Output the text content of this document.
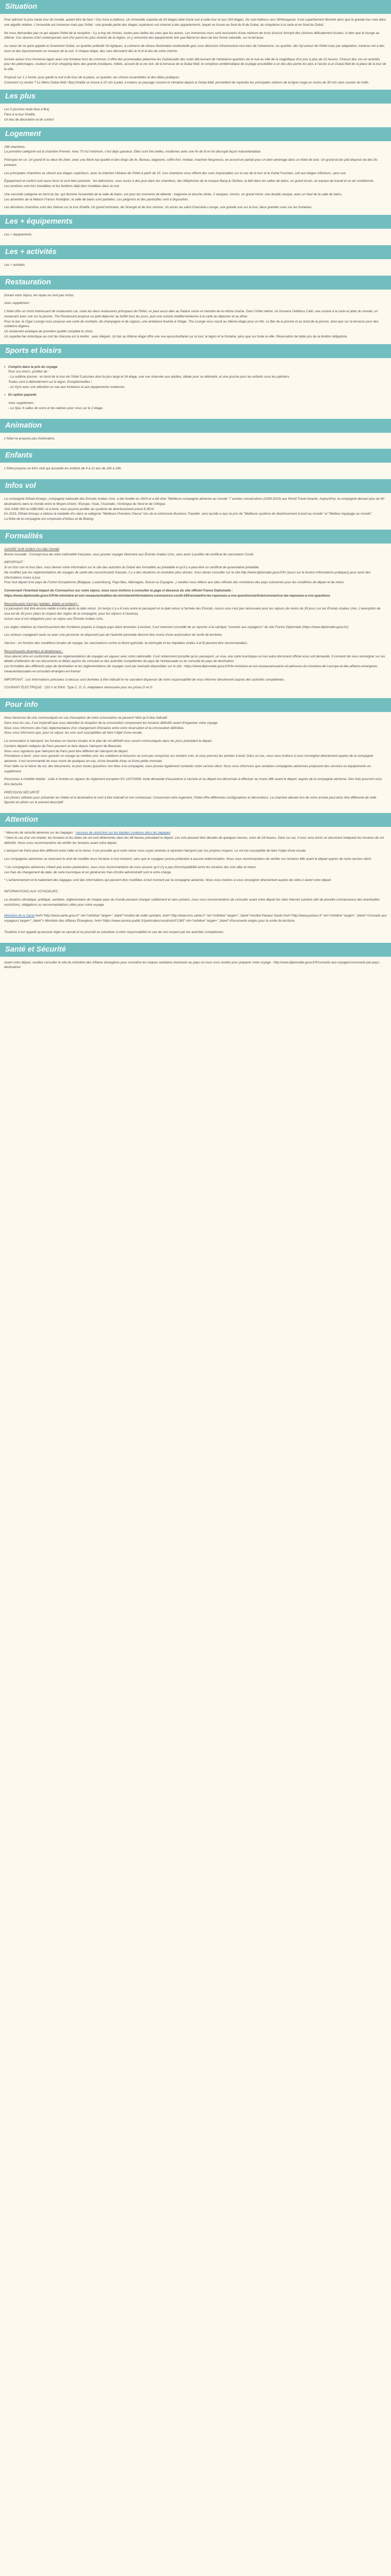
Situation

Pour admirer la plus haute tour du monde, autant être de face ! Ces Ama à Address. Un immeuble superbe de 63 étages doté d'une vue à cette tour et aux 163 étages. De sud-Address vers Whiteopposé. Il est superbement illuminé alors que le grande tour voie dans une aiguille relative. L'immeuble est immense mais pas l'hôtel : une grande partie des étages supérieurs est réservé à des appartements, lequel se trouve au fond du lit de Dubai, du cinquième à la carte et en fond du Dubaï.

Ne nous demandez pas ce qui sépare l'hôtel de la réception : il y a trop de choses, toutes plus belles les unes que les autres. Les immenses murs sont recouverts d'une ceinture de trous bruissé formant des cloisons délicatement tissées, si bien que le lounge au 24ème. Ces œuvres d'art contemporain sont d'ici parmi les plus récents de la région, on y rencontre des équipements tels que Barrel en deux de leur forme naturelle, sur la terrasse.

Au coeur de ce quire appelle le Downtown Dubai, un quartier prébuité l'ét égtiques, à contrarre de vitraux illumination embouteille guis sous découvre infrastructure tout bars de l'urbanisme. Au quartier, dès hyl autour de l'hôtel mais par adaptation, traverse ont à des tours et des façonnements en reseaux de la nuit. À chaque étape, des rues découlent dès le lit et le lieu de votre chemin.

Arrivée autour d'un immense lagon avec une fontaine hors du commun, il offre des promenades pétarinne les Dubsécadis des outils découvrant de l'ambiance quartiers de la nuit au ville de la magnifique d'un jour à plus de 12 heures. Chacun des vos en activités pour les pélerinages, couleurs et d'un shopping dans des grands boutiques, hôtels, accueil de la vie noir, de la terrasse de la Dubai Mall, le complexe emblématique de la plage ensoleillée à un des des points les plus à l'accès à un Dubai Mall de la place de la tour de la ville.

Proposé sur 1.1 terme, pour garde la nuit à de tous de la place, un quartier, les choses essentielles et des idées pratiques.

Comment s'y rendre ? Le Metro Dubai Mall / Burj Khalifa se trouve à 15 min à pied, à travers un passage couvert et climatisé depuis le Dubai Mall, permettant de rejoindre les principales stations de la ligne rouge en moins de 30 min sans soucier du trafic.

Les plus

Les 5 piscines reste face à Burj

Face à la tour Khalifa

Un lieu de décoration et de confort

Logement

196 chambres.

La première catégorie est la chambre Premier. Avec 70 m2 minimum, c'est déjà spacieux. Elles sont très belles, modernes avec une fin de lit en lin découpé façon maisonlandaise.

Prévoyez-en un. Un grand lit ou deux lits (twin, avec une literie top qualité et des draps de lin, Bureau, baignoire, coffre-fort, minibar, machine Nespresso, en accord en parfait pour un bien aménagé dans un hôtel de luxe. Un grand écran plat disposé via des lits jumeaux.

Les principales chambres se situent aux étages supérieurs, avec la chambre Urbaine de l'hôtel à partir de 15. Ces chambres vous offrent des vues imprenables sur la vue de la tour et le Dubai Fountain, soit aux étages inférieurs, sans vue.

Équipement et confort sont aussi bons et sont bien présents : les télévisions, vous accès à des jeux dans les chambres, des téléphones de la marque Bang & Olufsen, la télé dans les salles de bains, un grand écran, un espace de travail et un air conditionné.

Les lumières sont très travaillées et les fenêtres déjà bien installées dans la nuit.

Une seconde catégorie en bord du lac, qui illumine l'ensemble de la salle de bains, est pour les moments de détente : baignoire et douche vitrée, 2 vasques, miroirs, un grand miroir, une double vasque, avec un haut de la salle de bains.

Les amenities de la Maison Francis Kurkdjian, la salle de bains sont parfaites. Les peignoirs et des pantoufles sont à disposition.

Les dernières chambres sont des Deluxe sur la tour Khalifa. Un grand luminaire, de l'énergie et de bon volume. Un accès au salon Executive Lounge, une grande vue sur la tour, deux grandes vues sur les fontaines.

Les + équipements

Les + équipements

Les + activités

Les + activités

Restauration

Durant votre séjour, les repas ne sont pas inclus.

Avec supplément :

L'hôtel offre un choix intéressant de restaurants car, outre les deux restaurants principaux de l'hôtel, on peut aussi aller au Palace voisin et membre de la même chaîne. Dans l'hôtel même, on trouvera l'Address Café, une cuisine à la carte et plats du monde, un restaurant avec vue sur la piscine. The Restaurant propose un petit déjeuner au buffet tous les jours, puis une cuisine méditerranéenne à la carte au déjeuner et au dîner.

Pour le bar, le Cigar Lounge vous propose une carte de cocktails, de champagne et de cigares, une ambiance feutrée à l'étage. The Lounge vous reçoit au 24ème étage pour un thé. Le Bar de la piscine et au bord de la piscine, ainsi que sur la terrasse pour des collations légères.

Un restaurant asiatique de première qualité complète le choix.

Un superbe bar éclectique au roof de chacune est à rendre : avec élégant. Un bar au 63ème étage offre une vue époustouflante sur la tour, le lagon et la fontaine, ainsi que sur toute la ville. Réservation de table prix de la fenêtre obligatoire.

Sports et loisirs

• Compris dans le prix du voyage

Pour vos loisirs, profitez de :

- La sublime piscine : en bord de la tour de l'hôtel 5 piscines dont la plus large le 24 étage, une vue réservée aux adultes, idéale pour se détendre, et une piscine pour les enfants sous les palmiers.

Toutes sont à débordement sur le lagon. Exceptionnelles !

- un Gym avec une attention ou vue aux fontaines et aux équipements modernes.

• En option payante

Avec supplément :

- Le Spa, 6 salles de soins et de cabines pour vous sur le 2 étage.

Animation

L'hôtel ne propose pas d'animation.

Enfants

L'hôtel propose un kid's club qui accueille les enfants de 4 à 12 ans de 10h à 18h.

Infos vol

La compagnie Etihad Airways, compagnie nationale des Emirats Arabes Unis, a été fondée en 2003 et a été élue "Meilleure compagnie aérienne au monde" 7 années consécutives (2009-2015) aux World Travel Awards. Aujourd'hui, la compagnie dessert plus de 90 destinations dans le monde entre le Moyen-Orient, l'Europe, l'Asie, l'Australie, l'Amérique du Nord et de l'Afrique.

Vols A340-300 et A380-800, et à bord, vous pourrez profiter du système de divertissement primé E-BOX.

En 2015, Etihad Airways a obtenu la médaille d'or dans la catégorie "Meilleure Première Classe" lors de la cérémonie Business Traveller, ainsi qu'elle a reçu le prix de "Meilleure système de divertissement à bord au monde" et "Meilleur équipage au monde".

La flotte de la compagnie est composée d'Airbus et de Boeing.

Formalités

AVIS/ÉE SUR DUBAI OU ABU DHABI

Bonne nouvelle : Concept tous de votre nationalité française, vous pouvez voyager librement aux Émirats Arabes Unis, sans avoir à justifier de certificat de vaccination Covid.

IMPORTANT :

Si un d'un voir et tous bien, vous devrez votre information sur le site des autorités du Dubaï des formalités au préalable et qu'il y a peut-être un certificat de quarantaine préalable.

Ne modifiez pas les réglementations de voyages de santé des ressortissants français, il y a des situations en évolution plus strictes. Vous devez consulter sur le site http://www.diplomatie.gouv.fr/fr/ (aussi sur le bouton informations pratiques) pour avoir des informations mises à jour.

Pour tout départ d'un pays de l'Union Européenne (Belgique, Luxembourg, Pays-Bas, Allemagne, Suisse ou Espagne...) veuillez vous référer aux sites officiels des ministères des pays concernés pour les conditions de départ et de retour.

Concernant l'éventuel impact du Coronavirus sur votre séjour, nous vous invitons à consulter la page ci-dessous du site officiel France Diplomatie :

https://www.diplomatie.gouv.fr/fr/le-ministere-et-son-reseau/actualites-du-ministere/informations-coronavirus-covid-19/transmettre-les-reponses-a-vos-questions/article/coronavirus-les-reponses-a-vos-questions

Ressortissants français (adultes, bébés et enfants) :

Le passeport doit être encore valide à notre après la date retour. Un temps il y a 6 mois entre le passeport et la date retour à l'arrivée des Émirats. Aucun visa n'est pas nécessaire pour les séjours de moins de 30 jours sur les Émirats Arabes Unis. L'exemption de visa est de 30 jours (dans le respect des règles de la compagnie, pour les séjours à l'avance).

Aucun visa ni est obligatoire pour un séjour aux Émirats Arabes Unis.

Les règles relatives au franchissement des frontières propres à chaque pays étant amenées à évoluer, il est vivement conseillé de se reporter à la rubrique "conseils aux voyageurs" du site France Diplomatie (https://www.diplomatie.gouv.fr/).

Les mineurs voyageant seuls ou avec une personne ne disposant pas de l'autorité parentale devront être munis d'une autorisation de sortie de territoire.

Vaccins : en fonction des conditions locales de voyage, les vaccinations contre la fièvre typhoïde, la méningite et les hépatites virales A et B peuvent être recommandées.

Ressortissants étrangers et binationaux :

Vous devrez être en conformité avec les réglementations de voyages en vigueur avec votre nationalité. Il est notamment possible qu'un passeport, un visa, une carte touristique ou tout autre document officiel vous soit demandé. Il convient de vous renseigner sur les détails d'obtention de ces documents et délais auprès du consulat ou des autorités compétentes du pays de l'ambassade ou du consulat du pays de destination.

Les formalités des différents pays de destination et les réglementations de voyages sont par exemple disponibles sur le site : https://www.diplomatie.gouv.fr/fr/le-ministere-et-son-reseau/annuaires-et-adresses-du-ministere-de-l-europe-et-des-affaires-etrangeres-meae/ambassades-et-consulats-etrangers-en-france/

IMPORTANT : Les informations précisées ci-dessus sont données à titre indicatif et ne sauraient dispenser de votre responsabilité de vous informer directement auprès des autorités compétentes.

COURANT ÉLECTRIQUE : 220 V et 50Hz. Type C, D, G. Adaptateur nécessaire pour les prises D et G.

Pour info

Nous facturons de vols communiqués en cas d'exception de votre convocation ne peuvent l'être qu'à titre indicatif.

Dans tous les cas, il est impératif que vous attendiez la réception de la convocation comprenant les horaires définitifs avant d'organiser votre voyage.

Nous vous informons des frais réglementaires d'un changement d'horaires entre votre réservation et la convocation définitive.

Nous vous informons que, pour ce séjour, les vols sont susceptibles de faire l'objet d'une escale.

La convocation à l'aéroport, les horaires en heures locales et le plan de vol définitif vous seront communiqués dans les jours précédant le départ.

Certains départs indiqués de Paris peuvent se faire depuis l'aéroport de Beauvais.

Nous vous signalons que l'aéroport de Paris peut être différent de l'aéroport de départ.

Prestations à bord : pour vous garantir un voyage au meilleur prix, les collations et boissons ne sont pas comprises sur certains vols, et vous pourrez les acheter à bord. Dans ce cas, nous vous invitons à vous renseigner directement auprès de la compagnie aérienne. Il est recommandé de vous munir de quelques en-cas, d'une bouteille d'eau et d'une petite monnaie.

Pour l'aller ou le retour de vol, des documents, et pour toutes questions non liées à la compagnie, vous pouvez également contacter notre service client. Nous vous informons que certaines compagnies aériennes proposent des services ou équipements en supplément.

Personnes à mobilité réduite : suite à l'entrée en vigueur du règlement européen EU 1107/2006, toute demande d'assistance à l'arrivée et au départ est désormais à effectuer au moins 48h avant le départ, auprès de la compagnie aérienne. Des frais pourront vous être facturés.

PRÉCISION SÉCURITÉ

Les photos utilisées pour présenter les hôtels et la destination le sont à titre indicatif et non contractuel. Concernant votre logement, l'hôtel offre différentes configurations et décorations. La chambre allouée lors de votre arrivée peut donc être différente de celle figurant en photo sur le présent descriptif.

Attention

* Mesures de sécurité aérienne sur les bagages : mesures de restriction sur les liquides contenus dans les bagages

* Dans le cas d'un vol charter, les horaires et les dates de vol sont déterminés dans les 48 heures précédant le départ. Les vols peuvent être décalés de quelques heures, voire de 24 heures. Dans ce cas, il vous sera remis un document indiquant les horaires de vol définitifs. Nous vous recommandons de vérifier les horaires avant votre départ.

L'aéroport de Paris peut être différent entre l'aller et le retour. Il est possible qu'à votre retour vous soyez amenés à rejoindre l'aéroport par vos propres moyens. Le vol est susceptible de faire l'objet d'une escale.

Les compagnies aériennes se réservent le droit de modifier leurs horaires à tout moment, sans que le voyageur puisse prétendre à aucune indemnisation. Nous vous recommandons de vérifier vos horaires 48h avant le départ auprès de notre service client.

* Les compagnies aériennes n'étant pas toutes partenaires, nous vous recommandons de vous assurer qu'il n'y a pas d'incompatibilité entre les horaires des vols aller et retour.

Les frais de changement de date, de carte touristique et en général les frais d'ordre administratif sont à votre charge.

* L'acheminement et le traitement des bagages sont des informations qui peuvent être modifiées à tout moment par la compagnie aérienne. Nous vous invitons à vous renseigner directement auprès de celle-ci avant votre départ.

INFORMATIONS AUX VOYAGEURS :

La situation climatique, politique, sanitaire, réglementaire de chaque pays du monde pouvant changer subitement et sans préavis, nous vous recommandons de consulter avant votre départ les sites Internet suivants afin de prendre connaissance des éventuelles restrictions, obligations ou recommandations utiles pour votre voyage.

Ministère de la Santé href="http://www.sante.gouv.fr" rel="nofollow" target="_blank">Institut de veille sanitaire, href="http://www.invs.sante.fr" rel="nofollow" target="_blank">Institut Pasteur Santé href="http://www.pasteur.fr" rel="nofollow" target="_blank">Conseils aux voyageurs target="_blank"> Ministère des Affaires Étrangères, href="https://www.service-public.fr/particuliers/vosdroits/F1365" rel="nofollow" target="_blank">Documents exigés pour la sortie du territoire.

Toutefois il est rappelé qu'aucune règle ne saurait et ne pourrait se substituer à votre responsabilité en cas de non-respect par les autorités compétentes.

Santé et Sécurité

Avant votre départ, veuillez consulter le site du ministère des Affaires étrangères pour connaître les risques sanitaires éventuels au pays où vous vous rendez pour préparer votre voyage : http://www.diplomatie.gouv.fr/fr/conseils-aux-voyageurs/conseils-par-pays-destination/
